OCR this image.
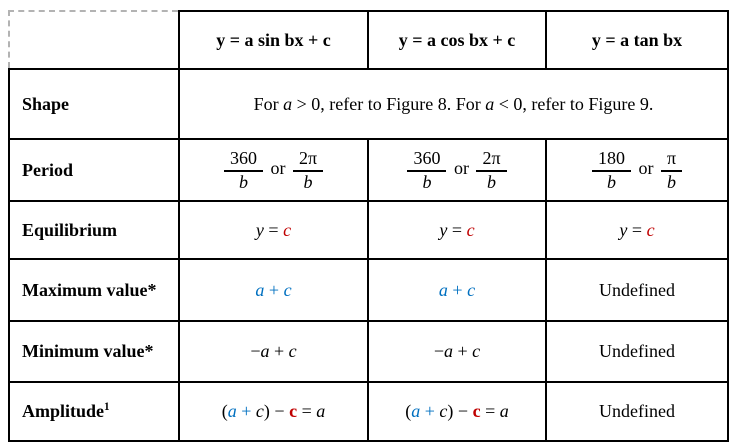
	y = a sin bx + c	y = a cos bx + c	y = a tan bx
Shape	For a > 0, refer to Figure 8. For a < 0, refer to Figure 9.		
Period	$\frac{360}{b}$ or $\frac{2\pi}{b}$	$\frac{360}{b}$ or $\frac{2\pi}{b}$	$\frac{180}{b}$ or $\frac{\pi}{b}$

Equilibrium	y = c	y = c	y = c
Maximum value*	a + c	a + c	Undefined
Minimum value*	−a + c	−a + c	Undefined
Amplitude$^1$	(a + c) − c = a	(a + c) − c = a	Undefined
